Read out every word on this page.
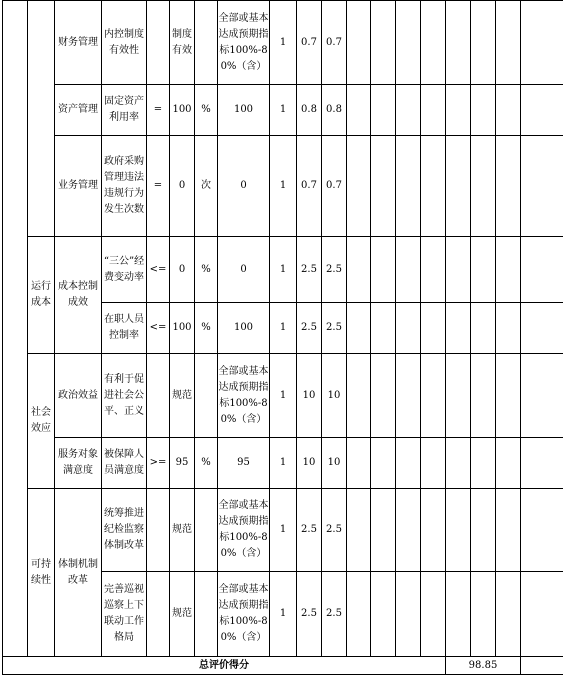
		财务管理	内控制度有效性		制度有效		全部或基本达成预期指标100%-80%（含）	1	0.7	0.7								
		资产管理	固定资产利用率	=	100	%	100	1	0.8	0.8								
		业务管理	政府采购管理违法违规行为发生次数	=	0	次	0	1	0.7	0.7								
	运行成本	成本控制成效	“三公”经费变动率	<=	0	%	0	1	2.5	2.5								
			在职人员控制率	<=	100	%	100	1	2.5	2.5								
	社会效应	政治效益	有利于促进社会公平、正义		规范		全部或基本达成预期指标100%-80%（含）	1	10	10								
		服务对象满意度	被保障人员满意度	>=	95	%	95	1	10	10								
	可持续性	体制机制改革	统筹推进纪检监察体制改革		规范		全部或基本达成预期指标100%-80%（含）	1	2.5	2.5								
			完善巡视巡察上下联动工作格局		规范		全部或基本达成预期指标100%-80%（含）	1	2.5	2.5								
总评价得分															98.85			
